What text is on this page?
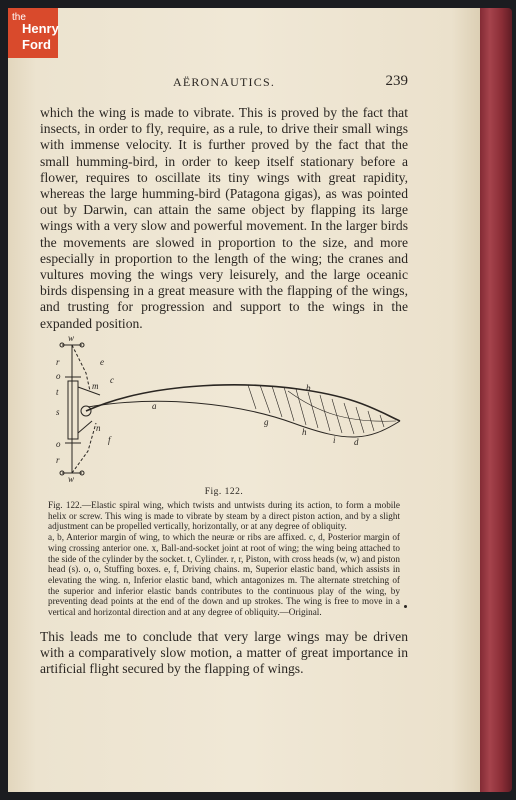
the
Henry
Ford
AËRONAUTICS.	239

which the wing is made to vibrate. This is proved by the fact that insects, in order to fly, require, as a rule, to drive their small wings with immense velocity. It is further proved by the fact that the small humming-bird, in order to keep itself stationary before a flower, requires to oscillate its tiny wings with great rapidity, whereas the large humming-bird (Patagona gigas), as was pointed out by Darwin, can attain the same object by flapping its large wings with a very slow and powerful movement. In the larger birds the movements are slowed in proportion to the size, and more especially in proportion to the length of the wing; the cranes and vultures moving the wings very leisurely, and the large oceanic birds dispensing in a great measure with the flapping of the wings, and trusting for progression and support to the wings in the expanded position.

w
r
o
t
s
o
r
w
e
m
c
a
b
g
h
i d
n
f
Fig. 122.

Fig. 122.—Elastic spiral wing, which twists and untwists during its action, to form a mobile helix or screw. This wing is made to vibrate by steam by a direct piston action, and by a slight adjustment can be propelled vertically, horizontally, or at any degree of obliquity.

a, b, Anterior margin of wing, to which the neuræ or ribs are affixed. c, d, Posterior margin of wing crossing anterior one. x, Ball-and-socket joint at root of wing; the wing being attached to the side of the cylinder by the socket. t, Cylinder. r, r, Piston, with cross heads (w, w) and piston head (s). o, o, Stuffing boxes. e, f, Driving chains. m, Superior elastic band, which assists in elevating the wing. n, Inferior elastic band, which antagonizes m. The alternate stretching of the superior and inferior elastic bands contributes to the continuous play of the wing, by preventing dead points at the end of the down and up strokes. The wing is free to move in a vertical and horizontal direction and at any degree of obliquity.—Original.

This leads me to conclude that very large wings may be driven with a comparatively slow motion, a matter of great importance in artificial flight secured by the flapping of wings.
